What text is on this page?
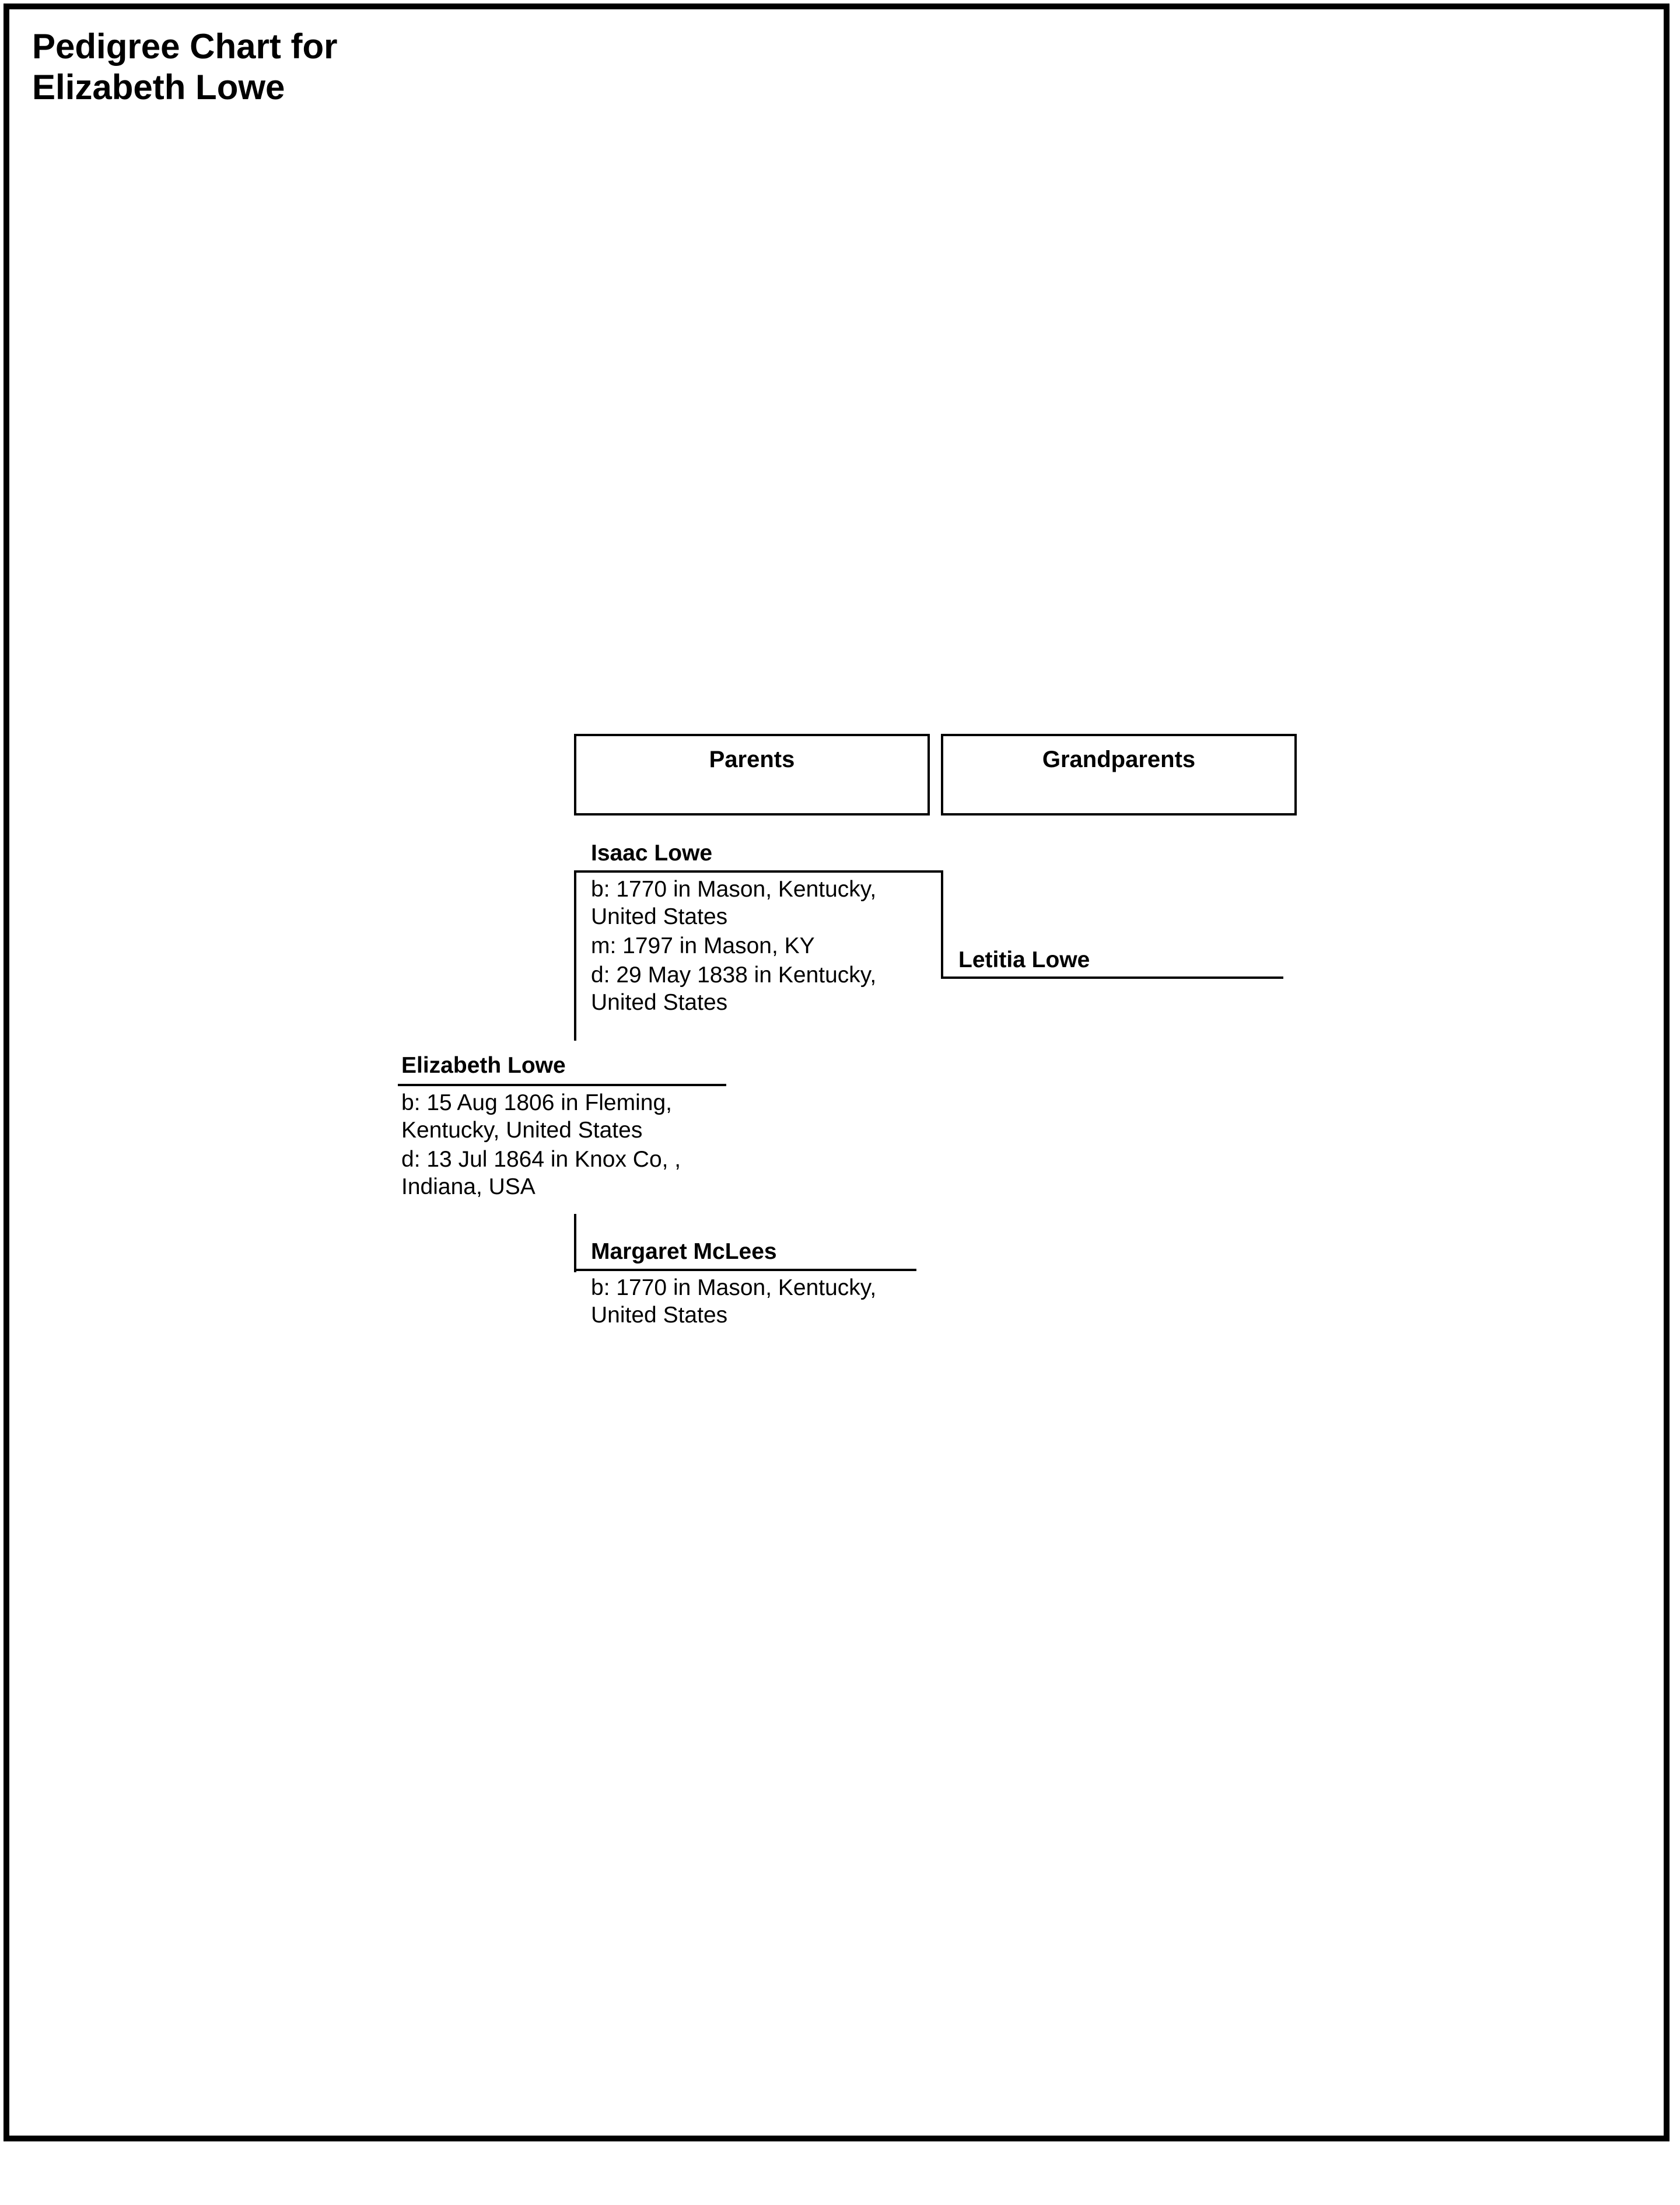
Pedigree Chart for
Elizabeth Lowe
Parents	Grandparents
Elizabeth Lowe
b: 15 Aug 1806 in Fleming,
Kentucky, United States
d: 13 Jul 1864 in Knox Co, ,
Indiana, USA
Isaac Lowe
b: 1770 in Mason, Kentucky,
United States
m: 1797 in Mason, KY
d: 29 May 1838 in Kentucky,
United States
Letitia Lowe
Margaret McLees
b: 1770 in Mason, Kentucky,
United States
